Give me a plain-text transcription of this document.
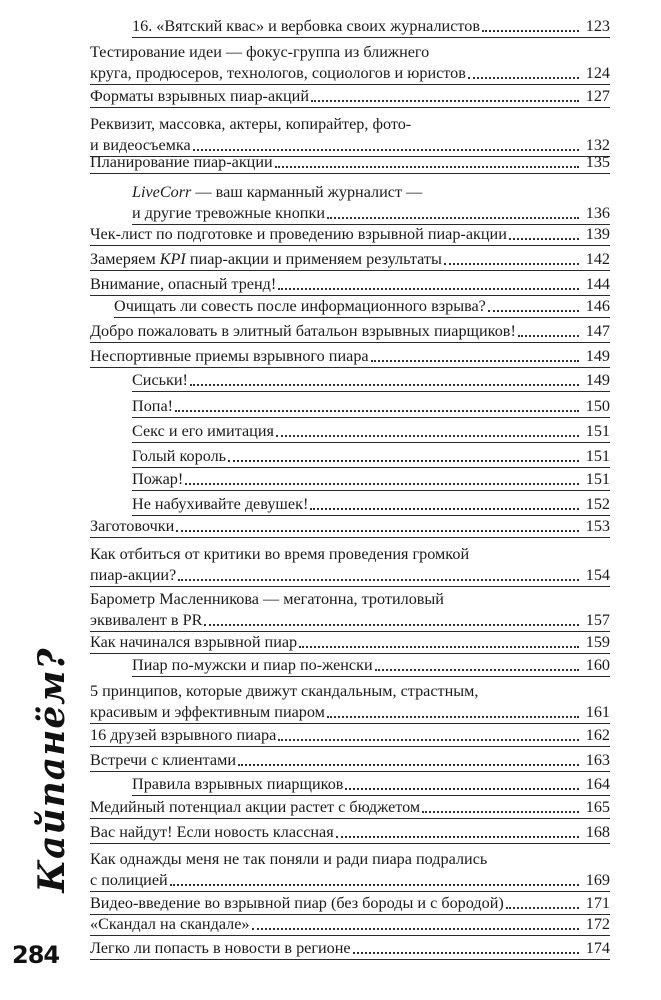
16. «Вятский квас» и вербовка своих журналистов	123
Тестирование идеи — фокус-группа из ближнего
круга, продюсеров, технологов, социологов и юристов	124
Форматы взрывных пиар-акций	127
Реквизит, массовка, актеры, копирайтер, фото-
и видеосъемка	132
Планирование пиар-акции	135
LiveCorr — ваш карманный журналист —
и другие тревожные кнопки	136
Чек-лист по подготовке и проведению взрывной пиар-акции	139
Замеряем KPI пиар-акции и применяем результаты	142
Внимание, опасный тренд!	144
Очищать ли совесть после информационного взрыва?	146
Добро пожаловать в элитный батальон взрывных пиарщиков!	147
Неспортивные приемы взрывного пиара	149
Сиськи!	149
Попа!	150
Секс и его имитация	151
Голый король	151
Пожар!	151
Не набухивайте девушек!	152
Заготовочки	153
Как отбиться от критики во время проведения громкой
пиар-акции?	154
Барометр Масленникова — мегатонна, тротиловый
эквивалент в PR	157
Как начинался взрывной пиар	159
Пиар по-мужски и пиар по-женски	160
5 принципов, которые движут скандальным, страстным,
красивым и эффективным пиаром	161
16 друзей взрывного пиара	162
Встречи с клиентами	163
Правила взрывных пиарщиков	164
Медийный потенциал акции растет с бюджетом	165
Вас найдут! Если новость классная	168
Как однажды меня не так поняли и ради пиара подрались
с полицией	169
Видео-введение во взрывной пиар (без бороды и с бородой)	171
«Скандал на скандале»	172
Легко ли попасть в новости в регионе	174
Кайпанём?
284
